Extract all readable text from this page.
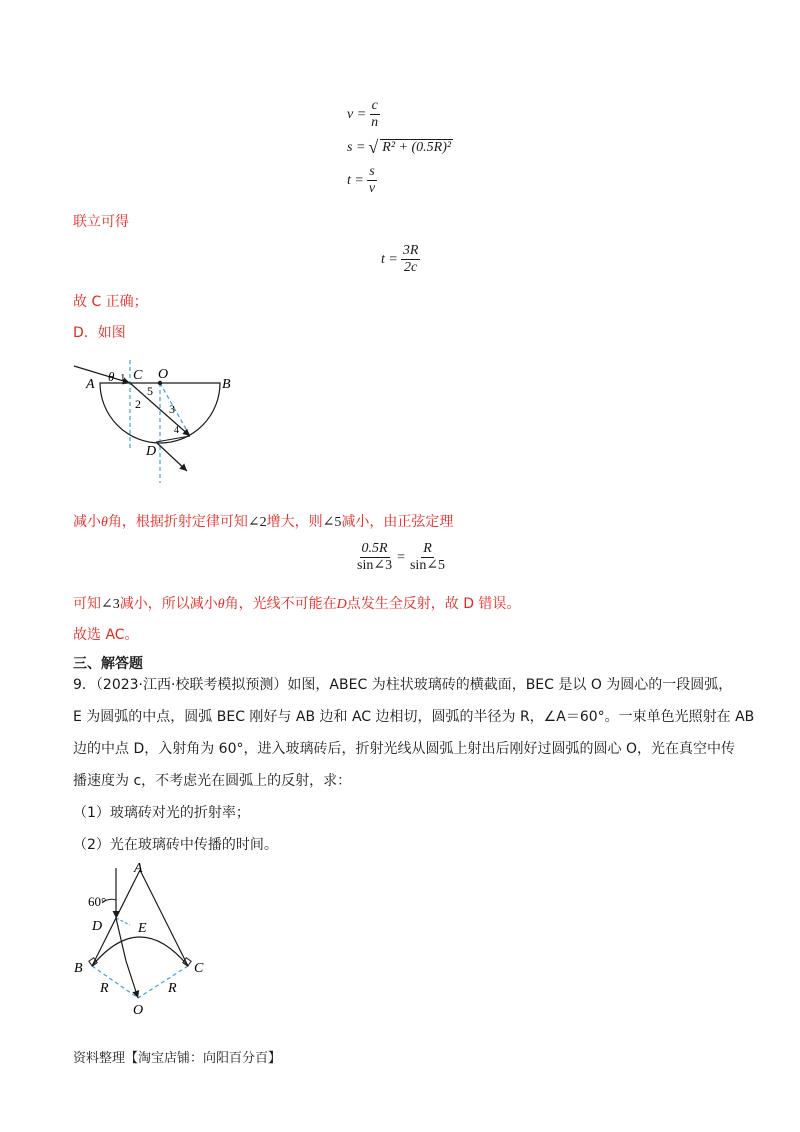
$v = \frac{c}{n}$
s = √ R² + (0.5R)²
$t = \frac{s}{v}$
联立可得
$t = \frac{3R}{2c}$
故 C 正确；
D．如图
A	B
C O
D
θ 1
2 3
4
5
减小θ角，根据折射定律可知∠2增大，则∠5减小，由正弦定理
$\frac{0.5R}{\sin\angle 3} = \frac{R}{\sin\angle 5}$
可知∠3减小，所以减小θ角，光线不可能在D点发生全反射，故 D 错误。
故选 AC。
三、解答题
9．（2023·江西·校联考模拟预测）如图，ABEC 为柱状玻璃砖的横截面，BEC 是以 O 为圆心的一段圆弧，
E 为圆弧的中点，圆弧 BEC 刚好与 AB 边和 AC 边相切，圆弧的半径为 R，∠A＝60°。一束单色光照射在 AB
边的中点 D，入射角为 60°，进入玻璃砖后，折射光线从圆弧上射出后刚好过圆弧的圆心 O，光在真空中传
播速度为 c，不考虑光在圆弧上的反射，求：
（1）玻璃砖对光的折射率；
（2）光在玻璃砖中传播的时间。
A
60°
D	E
B	C
R	R
O
资料整理【淘宝店铺：向阳百分百】
